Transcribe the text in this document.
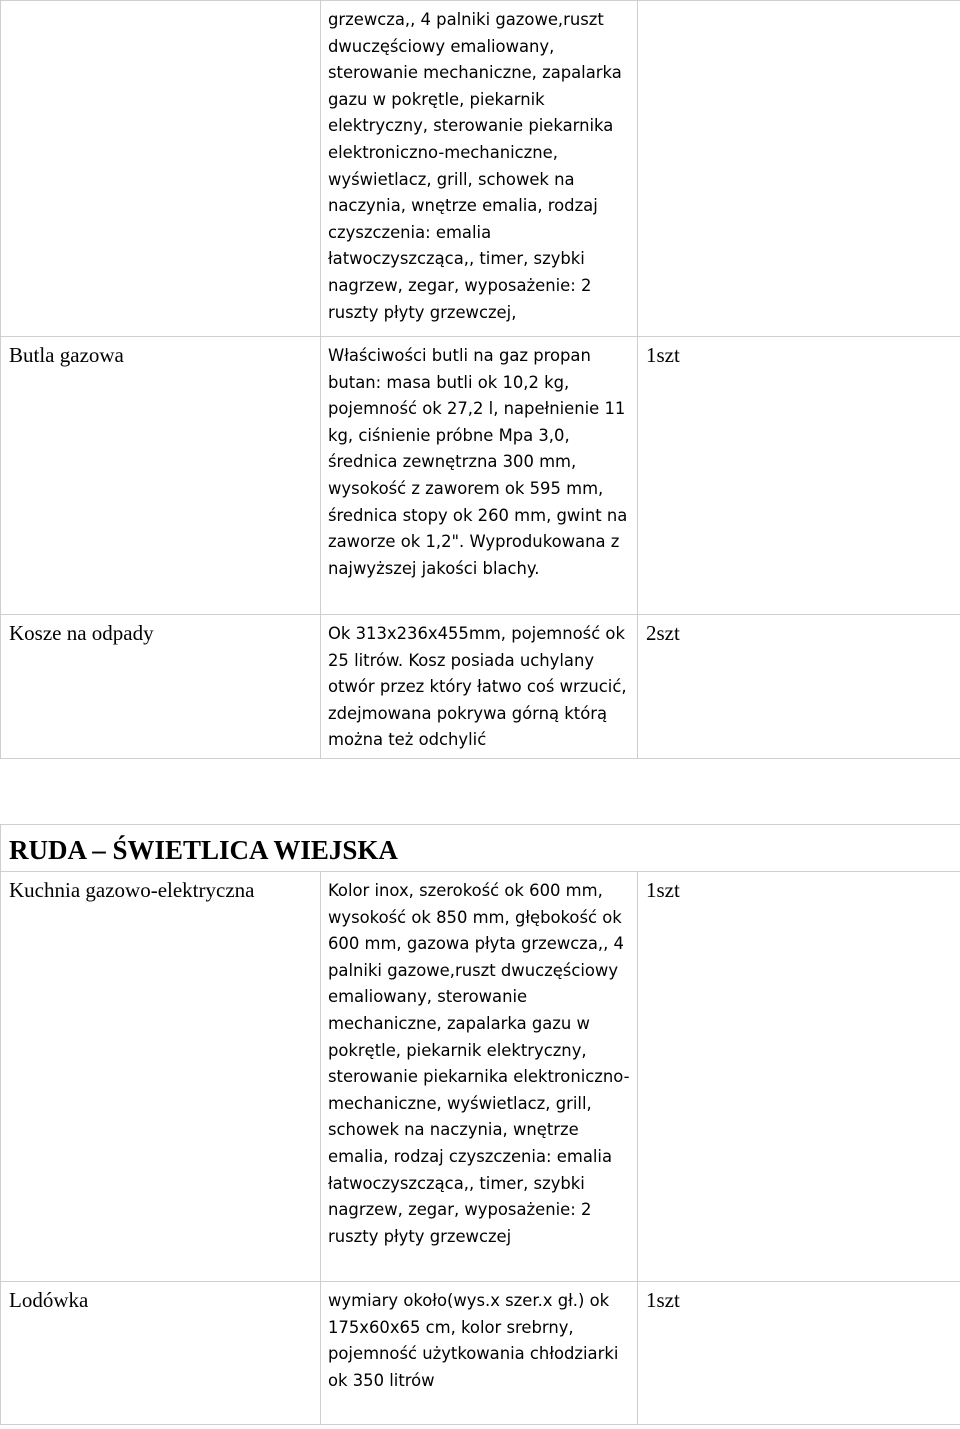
	grzewcza,, 4 palniki gazowe,ruszt dwuczęściowy emaliowany, sterowanie mechaniczne, zapalarka gazu w pokrętle, piekarnik elektryczny, sterowanie piekarnika elektroniczno-mechaniczne, wyświetlacz, grill, schowek na naczynia, wnętrze emalia, rodzaj czyszczenia: emalia łatwoczyszcząca,, timer, szybki nagrzew, zegar, wyposażenie: 2 ruszty płyty grzewczej,	
Butla gazowa	Właściwości butli na gaz propan butan: masa butli ok 10,2 kg, pojemność ok 27,2 l, napełnienie 11 kg, ciśnienie próbne Mpa 3,0, średnica zewnętrzna 300 mm, wysokość z zaworem ok 595 mm, średnica stopy ok 260 mm, gwint na zaworze ok 1,2". Wyprodukowana z najwyższej jakości blachy.	1szt
Kosze na odpady	Ok 313x236x455mm, pojemność ok 25 litrów. Kosz posiada uchylany otwór przez który łatwo coś wrzucić, zdejmowana pokrywa górną którą można też odchylić	2szt
RUDA – ŚWIETLICA WIEJSKA		
Kuchnia gazowo-elektryczna	Kolor inox, szerokość ok 600 mm, wysokość ok 850 mm, głębokość ok 600 mm, gazowa płyta grzewcza,, 4 palniki gazowe,ruszt dwuczęściowy emaliowany, sterowanie mechaniczne, zapalarka gazu w pokrętle, piekarnik elektryczny, sterowanie piekarnika elektroniczno-mechaniczne, wyświetlacz, grill, schowek na naczynia, wnętrze emalia, rodzaj czyszczenia: emalia łatwoczyszcząca,, timer, szybki nagrzew, zegar, wyposażenie: 2 ruszty płyty grzewczej	1szt
Lodówka	wymiary około(wys.x szer.x gł.) ok 175x60x65 cm, kolor srebrny, pojemność użytkowania chłodziarki ok 350 litrów	1szt
